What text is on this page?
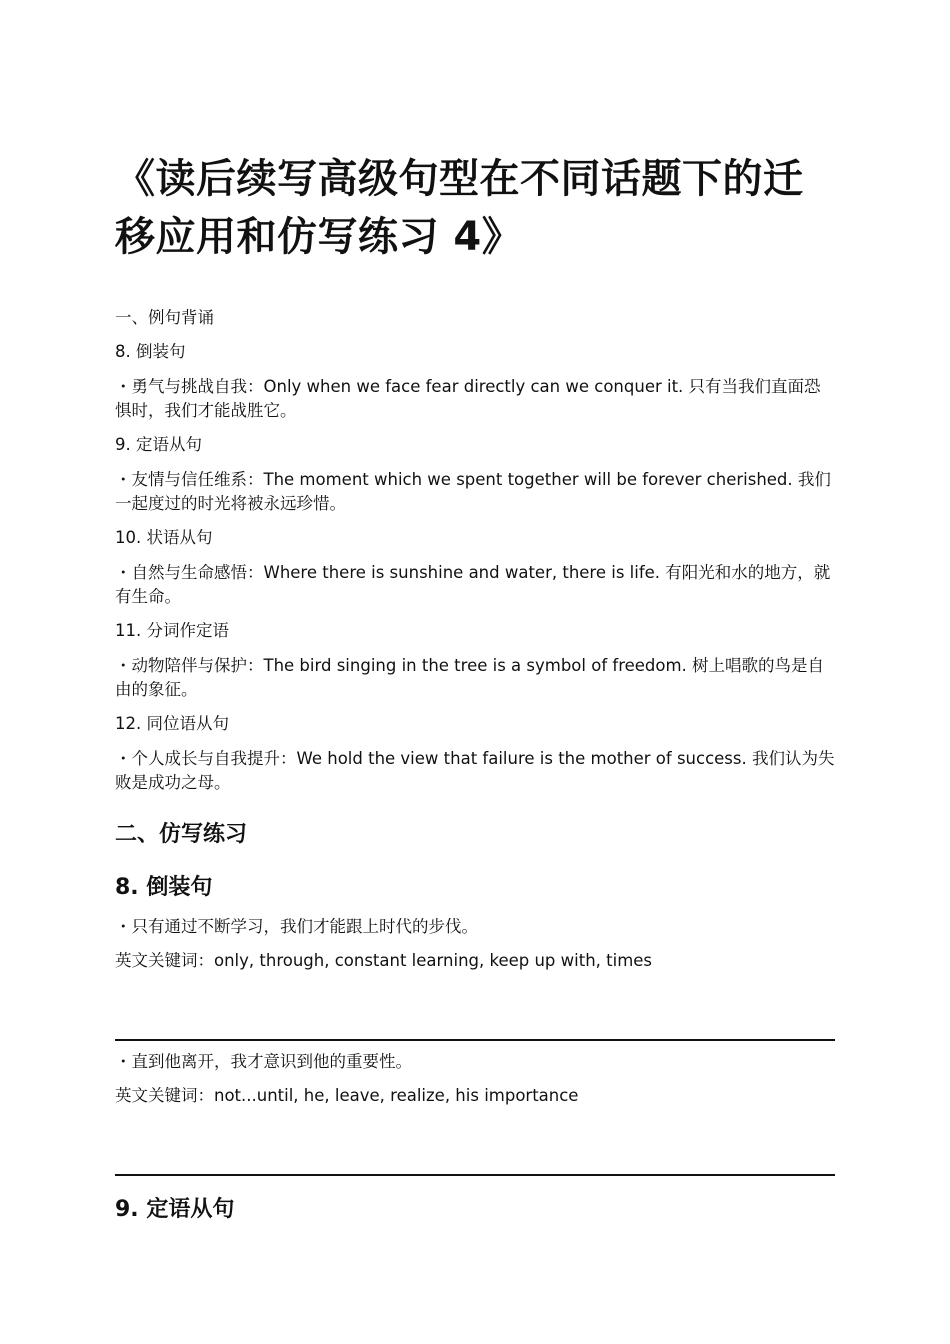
《读后续写高级句型在不同话题下的迁移应用和仿写练习 4》

一、例句背诵

8. 倒装句

・勇气与挑战自我：Only when we face fear directly can we conquer it. 只有当我们直面恐惧时，我们才能战胜它。

9. 定语从句

・友情与信任维系：The moment which we spent together will be forever cherished. 我们一起度过的时光将被永远珍惜。

10. 状语从句

・自然与生命感悟：Where there is sunshine and water, there is life. 有阳光和水的地方，就有生命。

11. 分词作定语

・动物陪伴与保护：The bird singing in the tree is a symbol of freedom. 树上唱歌的鸟是自由的象征。

12. 同位语从句

・个人成长与自我提升：We hold the view that failure is the mother of success. 我们认为失败是成功之母。

二、仿写练习
8. 倒装句

・只有通过不断学习，我们才能跟上时代的步伐。

英文关键词：only, through, constant learning, keep up with, times

・直到他离开，我才意识到他的重要性。

英文关键词：not...until, he, leave, realize, his importance

9. 定语从句
